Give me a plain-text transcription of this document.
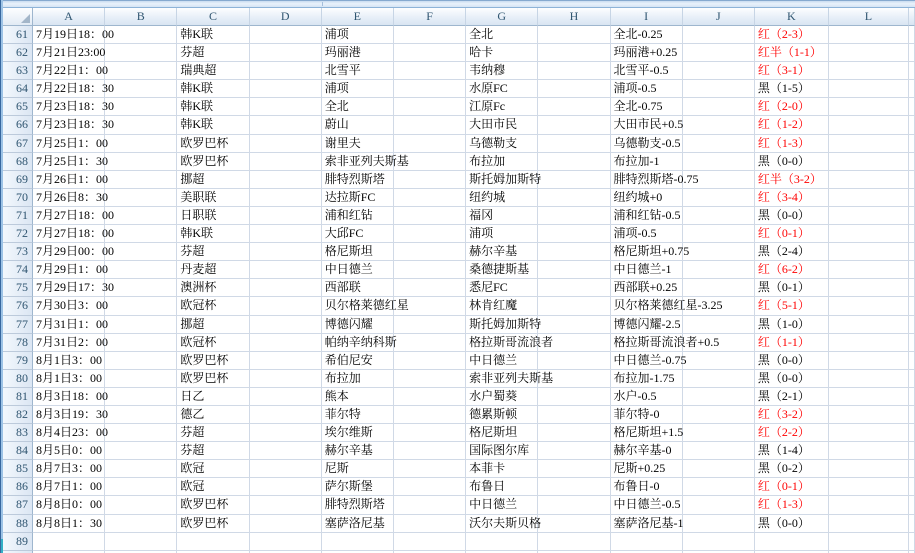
A	B	C	D	E	F	G	H	I	J	K	L
61 7月19日18：00	韩K联	浦项	全北	全北-0.25	红（2-3）
62 7月21日23:00	芬超	玛丽港	哈卡	玛丽港+0.25	红半（1-1）
63 7月22日1：00	瑞典超	北雪平	韦纳穆	北雪平-0.5	红（3-1）
64 7月22日18：30	韩K联	浦项	水原FC	浦项-0.5	黑（1-5）
65 7月23日18：30	韩K联	全北	江原Fc	全北-0.75	红（2-0）
66 7月23日18：30	韩K联	蔚山	大田市民	大田市民+0.5	红（1-2）
67 7月25日1：00	欧罗巴杯	谢里夫	乌德勒支	乌德勒支-0.5	红（1-3）
68 7月25日1：30	欧罗巴杯	索非亚列夫斯基	布拉加	布拉加-1	黑（0-0）
69 7月26日1：00	挪超	腓特烈斯塔	斯托姆加斯特	腓特烈斯塔-0.75	红半（3-2）
70 7月26日8：30	美职联	达拉斯FC	纽约城	纽约城+0	红（3-4）
71 7月27日18：00	日职联	浦和红钻	福冈	浦和红钻-0.5	黑（0-0）
72 7月27日18：00	韩K联	大邱FC	浦项	浦项-0.5	红（0-1）
73 7月29日00：00	芬超	格尼斯坦	赫尔辛基	格尼斯坦+0.75	黑（2-4）
74 7月29日1：00	丹麦超	中日德兰	桑德捷斯基	中日德兰-1	红（6-2）
75 7月29日17：30	澳洲杯	西部联	悉尼FC	西部联+0.25	黑（0-1）
76 7月30日3：00	欧冠杯	贝尔格莱德红星	林肯红魔	贝尔格莱德红星-3.25	红（5-1）
77 7月31日1：00	挪超	博德闪耀	斯托姆加斯特	博德闪耀-2.5	黑（1-0）
78 7月31日2：00	欧冠杯	帕纳辛纳科斯	格拉斯哥流浪者	格拉斯哥流浪者+0.5	红（1-1）
79 8月1日3：00	欧罗巴杯	希伯尼安	中日德兰	中日德兰-0.75	黑（0-0）
80 8月1日3：00	欧罗巴杯	布拉加	索非亚列夫斯基	布拉加-1.75	黑（0-0）
81 8月3日18：00	日乙	熊本	水户蜀葵	水户-0.5	黑（2-1）
82 8月3日19：30	德乙	菲尔特	德累斯顿	菲尔特-0	红（3-2）
83 8月4日23：00	芬超	埃尔维斯	格尼斯坦	格尼斯坦+1.5	红（2-2）
84 8月5日0：00	芬超	赫尔辛基	国际图尔库	赫尔辛基-0	黑（1-4）
85 8月7日3：00	欧冠	尼斯	本菲卡	尼斯+0.25	黑（0-2）
86 8月7日1：00	欧冠	萨尔斯堡	布鲁日	布鲁日-0	红（0-1）
87 8月8日0：00	欧罗巴杯	腓特烈斯塔	中日德兰	中日德兰-0.5	红（1-3）
88 8月8日1：30	欧罗巴杯	塞萨洛尼基	沃尔夫斯贝格	塞萨洛尼基-1	黑（0-0）
89
